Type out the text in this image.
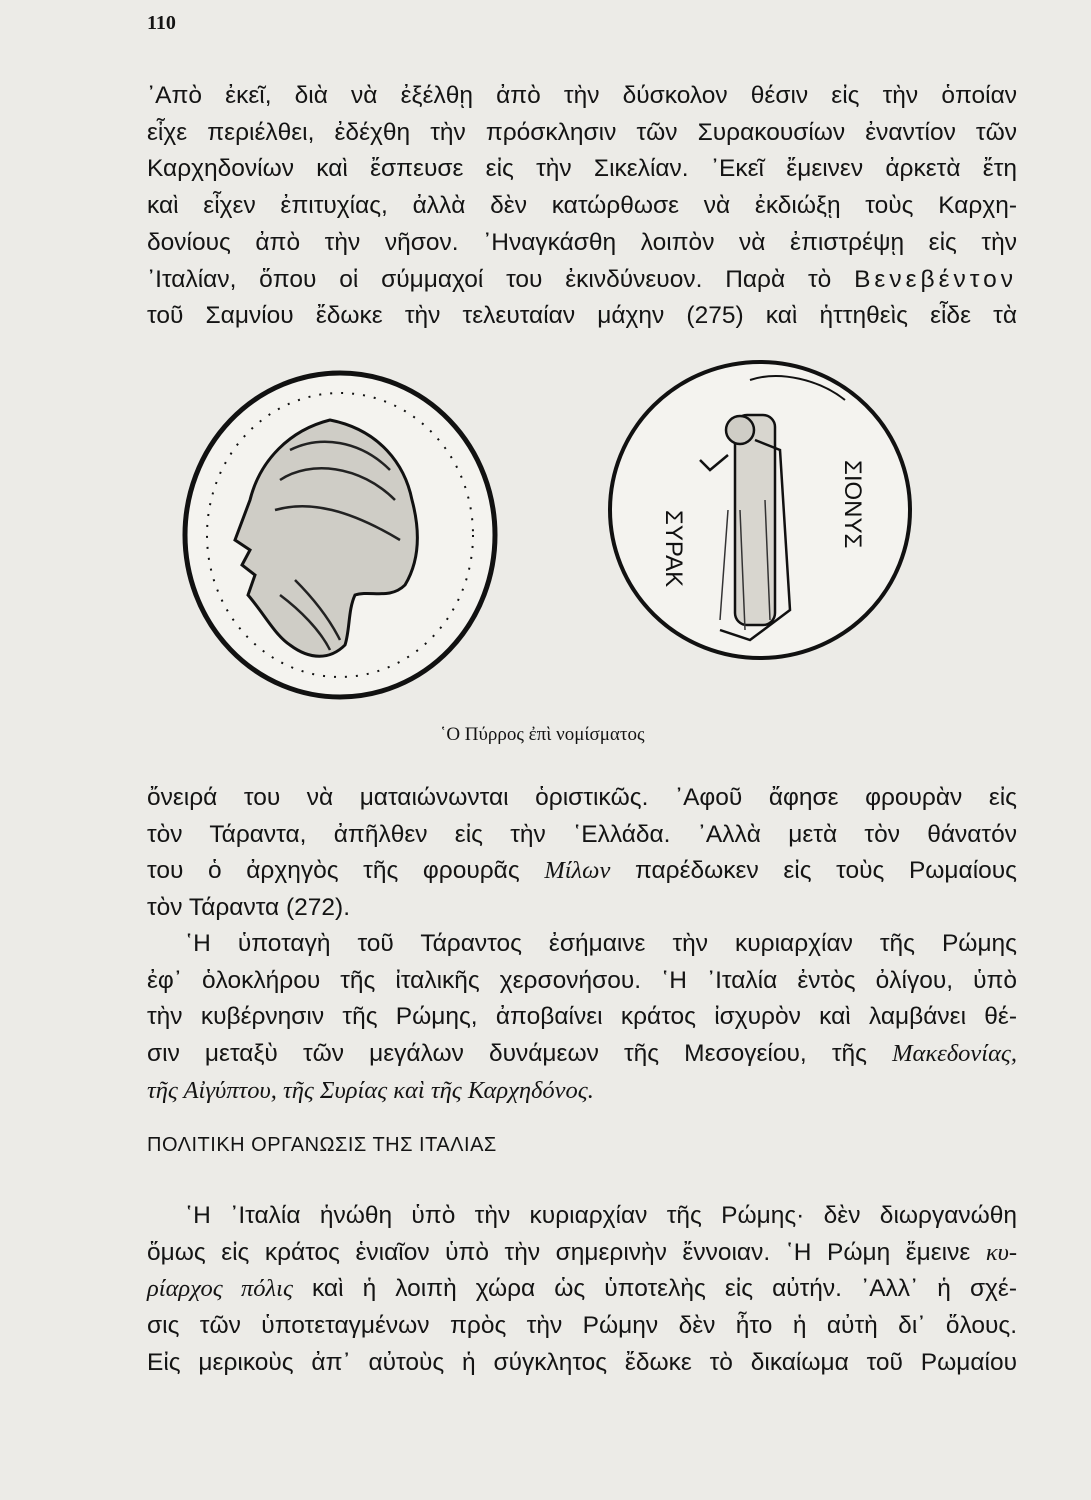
110
᾿Απὸ ἐκεῖ, διὰ νὰ ἐξέλθῃ ἀπὸ τὴν δύσκολον θέσιν εἰς τὴν ὁποίαν
εἶχε περιέλθει, ἐδέχθη τὴν πρόσκλησιν τῶν Συρακουσίων ἐναντίον τῶν
Καρχηδονίων καὶ ἔσπευσε εἰς τὴν Σικελίαν. ᾿Εκεῖ ἔμεινεν ἀρκετὰ ἔτη
καὶ εἶχεν ἐπιτυχίας, ἀλλὰ δὲν κατώρθωσε νὰ ἐκδιώξῃ τοὺς Καρχη-
δονίους ἀπὸ τὴν νῆσον. ᾿Ηναγκάσθη λοιπὸν νὰ ἐπιστρέψῃ εἰς τὴν
᾿Ιταλίαν, ὅπου οἱ σύμμαχοί του ἐκινδύνευον. Παρὰ τὸ Βενεβέντον
τοῦ Σαμνίου ἔδωκε τὴν τελευταίαν μάχην (275) καὶ ἡττηθεὶς εἶδε τὰ
ΣΥΡΑΚ
ΣΙΟΝΥΣ
῾Ο Πύρρος ἐπὶ νομίσματος
ὄνειρά του νὰ ματαιώνωνται ὁριστικῶς. ᾿Αφοῦ ἄφησε φρουρὰν εἰς
τὸν Τάραντα, ἀπῆλθεν εἰς τὴν ῾Ελλάδα. ᾿Αλλὰ μετὰ τὸν θάνατόν
του ὁ ἀρχηγὸς τῆς φρουρᾶς Μίλων παρέδωκεν εἰς τοὺς Ρωμαίους
τὸν Τάραντα (272).
῾Η ὑποταγὴ τοῦ Τάραντος ἐσήμαινε τὴν κυριαρχίαν τῆς Ρώμης
ἐφ᾿ ὁλοκλήρου τῆς ἰταλικῆς χερσονήσου. ῾Η ᾿Ιταλία ἐντὸς ὀλίγου, ὑπὸ
τὴν κυβέρνησιν τῆς Ρώμης, ἀποβαίνει κράτος ἰσχυρὸν καὶ λαμβάνει θέ-
σιν μεταξὺ τῶν μεγάλων δυνάμεων τῆς Μεσογείου, τῆς Μακεδονίας,
τῆς Αἰγύπτου, τῆς Συρίας καὶ τῆς Καρχηδόνος.
ΠΟΛΙΤΙΚΗ ΟΡΓΑΝΩΣΙΣ ΤΗΣ ΙΤΑΛΙΑΣ
῾Η ᾿Ιταλία ἡνώθη ὑπὸ τὴν κυριαρχίαν τῆς Ρώμης· δὲν διωργανώθη
ὅμως εἰς κράτος ἑνιαῖον ὑπὸ τὴν σημερινὴν ἔννοιαν. ῾Η Ρώμη ἔμεινε κυ-
ρίαρχος πόλις καὶ ἡ λοιπὴ χώρα ὡς ὑποτελὴς εἰς αὐτήν. ᾿Αλλ᾿ ἡ σχέ-
σις τῶν ὑποτεταγμένων πρὸς τὴν Ρώμην δὲν ἦτο ἡ αὐτὴ δι᾿ ὅλους.
Εἰς μερικοὺς ἀπ᾿ αὐτοὺς ἡ σύγκλητος ἔδωκε τὸ δικαίωμα τοῦ Ρωμαίου
